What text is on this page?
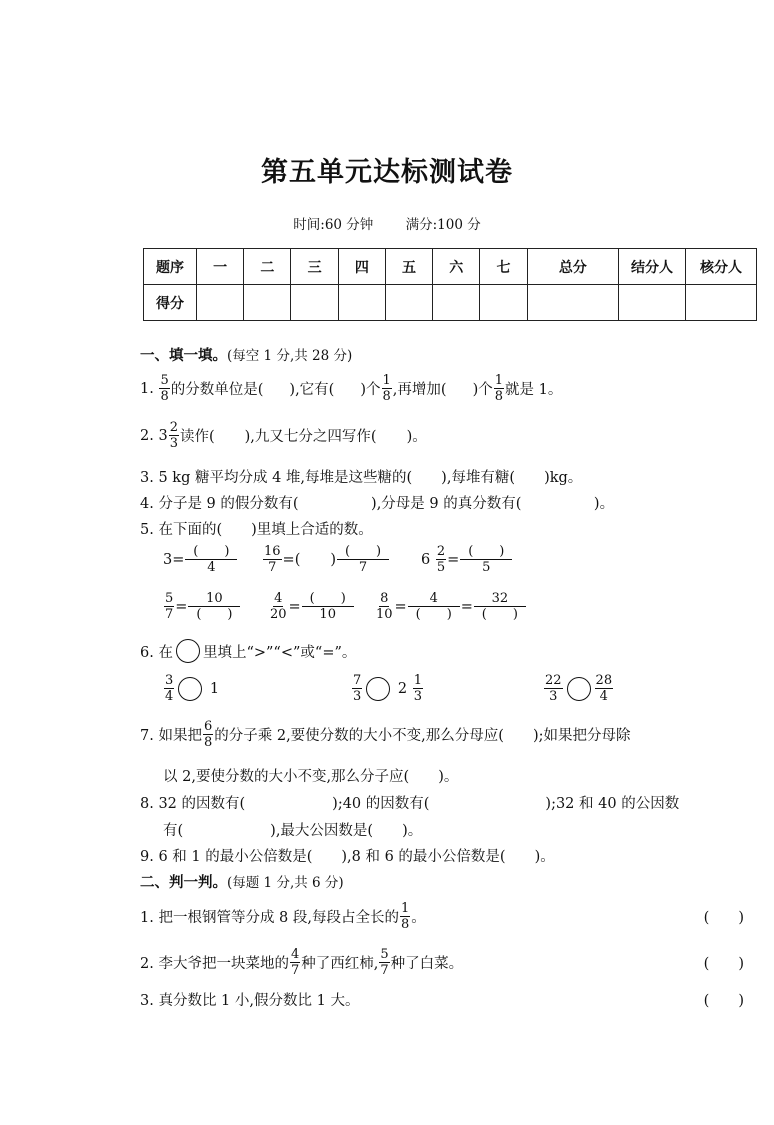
第五单元达标测试卷
时间:60 分钟 满分:100 分
题序	一	二	三	四	五	六	七	总分	结分人	核分人
得分										
一、填一填。(每空 1 分,共 28 分)
1.
$\frac{5}{8}$ 的分数单位是( ),它有( )个 $\frac{1}{8}$ ,再增加( )个 $\frac{1}{8}$ 就是 1。
2.
$3 \frac{2}{3}$ 读作( ),九又七分之四写作( )。
3. 5 kg 糖平均分成 4 堆,每堆是这些糖的(　　),每堆有糖(　　)kg。
4. 分子是 9 的假分数有(　　　　　),分母是 9 的真分数有(　　　　　)。
5. 在下面的(　　)里填上合适的数。
$3= \frac{( )}{4} \frac{16}{7}$ =( ) $\frac{( )}{7} 6$
$\frac{2}{5} = \frac{( )}{5}$
$\frac{5}{7} = \frac{10}{( )} \frac{4}{20} = \frac{( )}{10} \frac{8}{10} = \frac{4}{( )} = \frac{32}{( )}$
6. 在 里填上“>”“<”或“=”。
$\frac{3}{4}$
1	$\frac{7}{3}$
2
$\frac{1}{3}$	$\frac{22}{3} \frac{28}{4}$
7. 如果把 $\frac{6}{8}$ 的分子乘 2,要使分数的大小不变,那么分母应(　　);如果把分母除
以 2,要使分数的大小不变,那么分子应(　　)。
8. 32 的因数有(　　　　　　);40 的因数有(　　　　　　　　);32 和 40 的公因数
有(　　　　　　),最大公因数是(　　)。
9. 6 和 1 的最小公倍数是(　　),8 和 6 的最小公倍数是(　　)。
二、判一判。(每题 1 分,共 6 分)
1. 把一根钢管等分成 8 段,每段占全长的 $\frac{1}{8}$ 。	(　　)
2. 李大爷把一块菜地的 $\frac{4}{7}$ 种了西红柿, $\frac{5}{7}$ 种了白菜。	(　　)
3. 真分数比 1 小,假分数比 1 大。	(　　)
